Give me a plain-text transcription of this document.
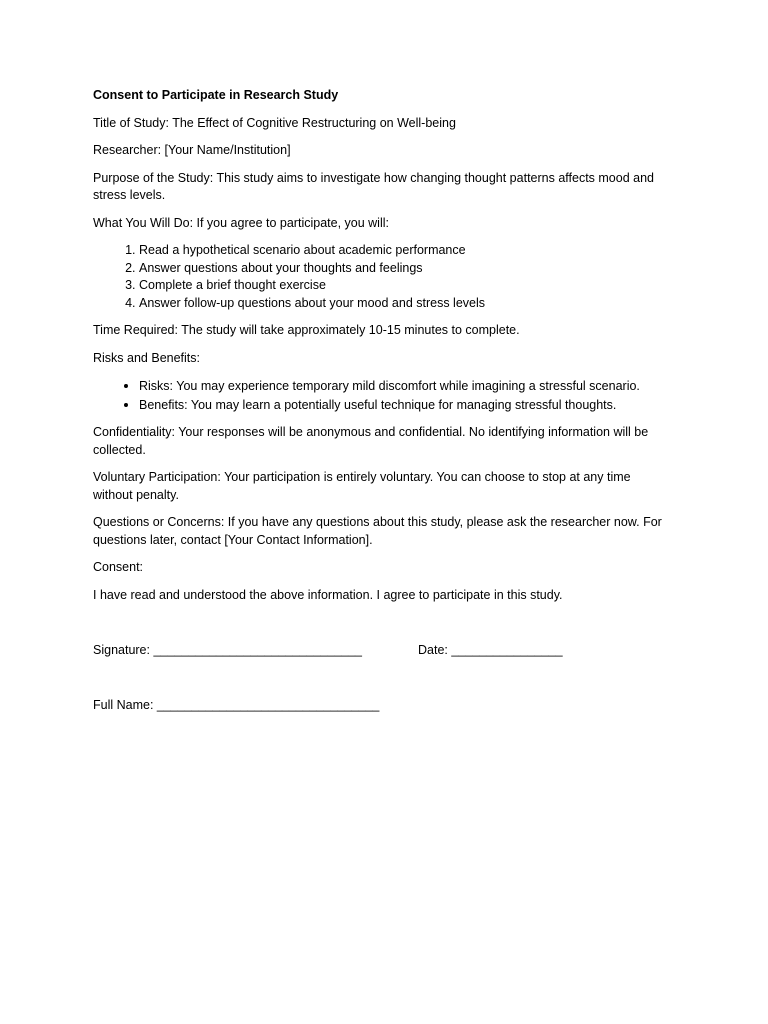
Consent to Participate in Research Study

Title of Study: The Effect of Cognitive Restructuring on Well-being

Researcher: [Your Name/Institution]

Purpose of the Study: This study aims to investigate how changing thought patterns affects mood and stress levels.

What You Will Do: If you agree to participate, you will:

1. Read a hypothetical scenario about academic performance
2. Answer questions about your thoughts and feelings
3. Complete a brief thought exercise
4. Answer follow-up questions about your mood and stress levels

Time Required: The study will take approximately 10-15 minutes to complete.

Risks and Benefits:

• Risks: You may experience temporary mild discomfort while imagining a stressful scenario.
• Benefits: You may learn a potentially useful technique for managing stressful thoughts.

Confidentiality: Your responses will be anonymous and confidential. No identifying information will be collected.

Voluntary Participation: Your participation is entirely voluntary. You can choose to stop at any time without penalty.

Questions or Concerns: If you have any questions about this study, please ask the researcher now. For questions later, contact [Your Contact Information].

Consent:

I have read and understood the above information. I agree to participate in this study.

Signature: ______________________________	Date: ________________
Full Name: ________________________________
